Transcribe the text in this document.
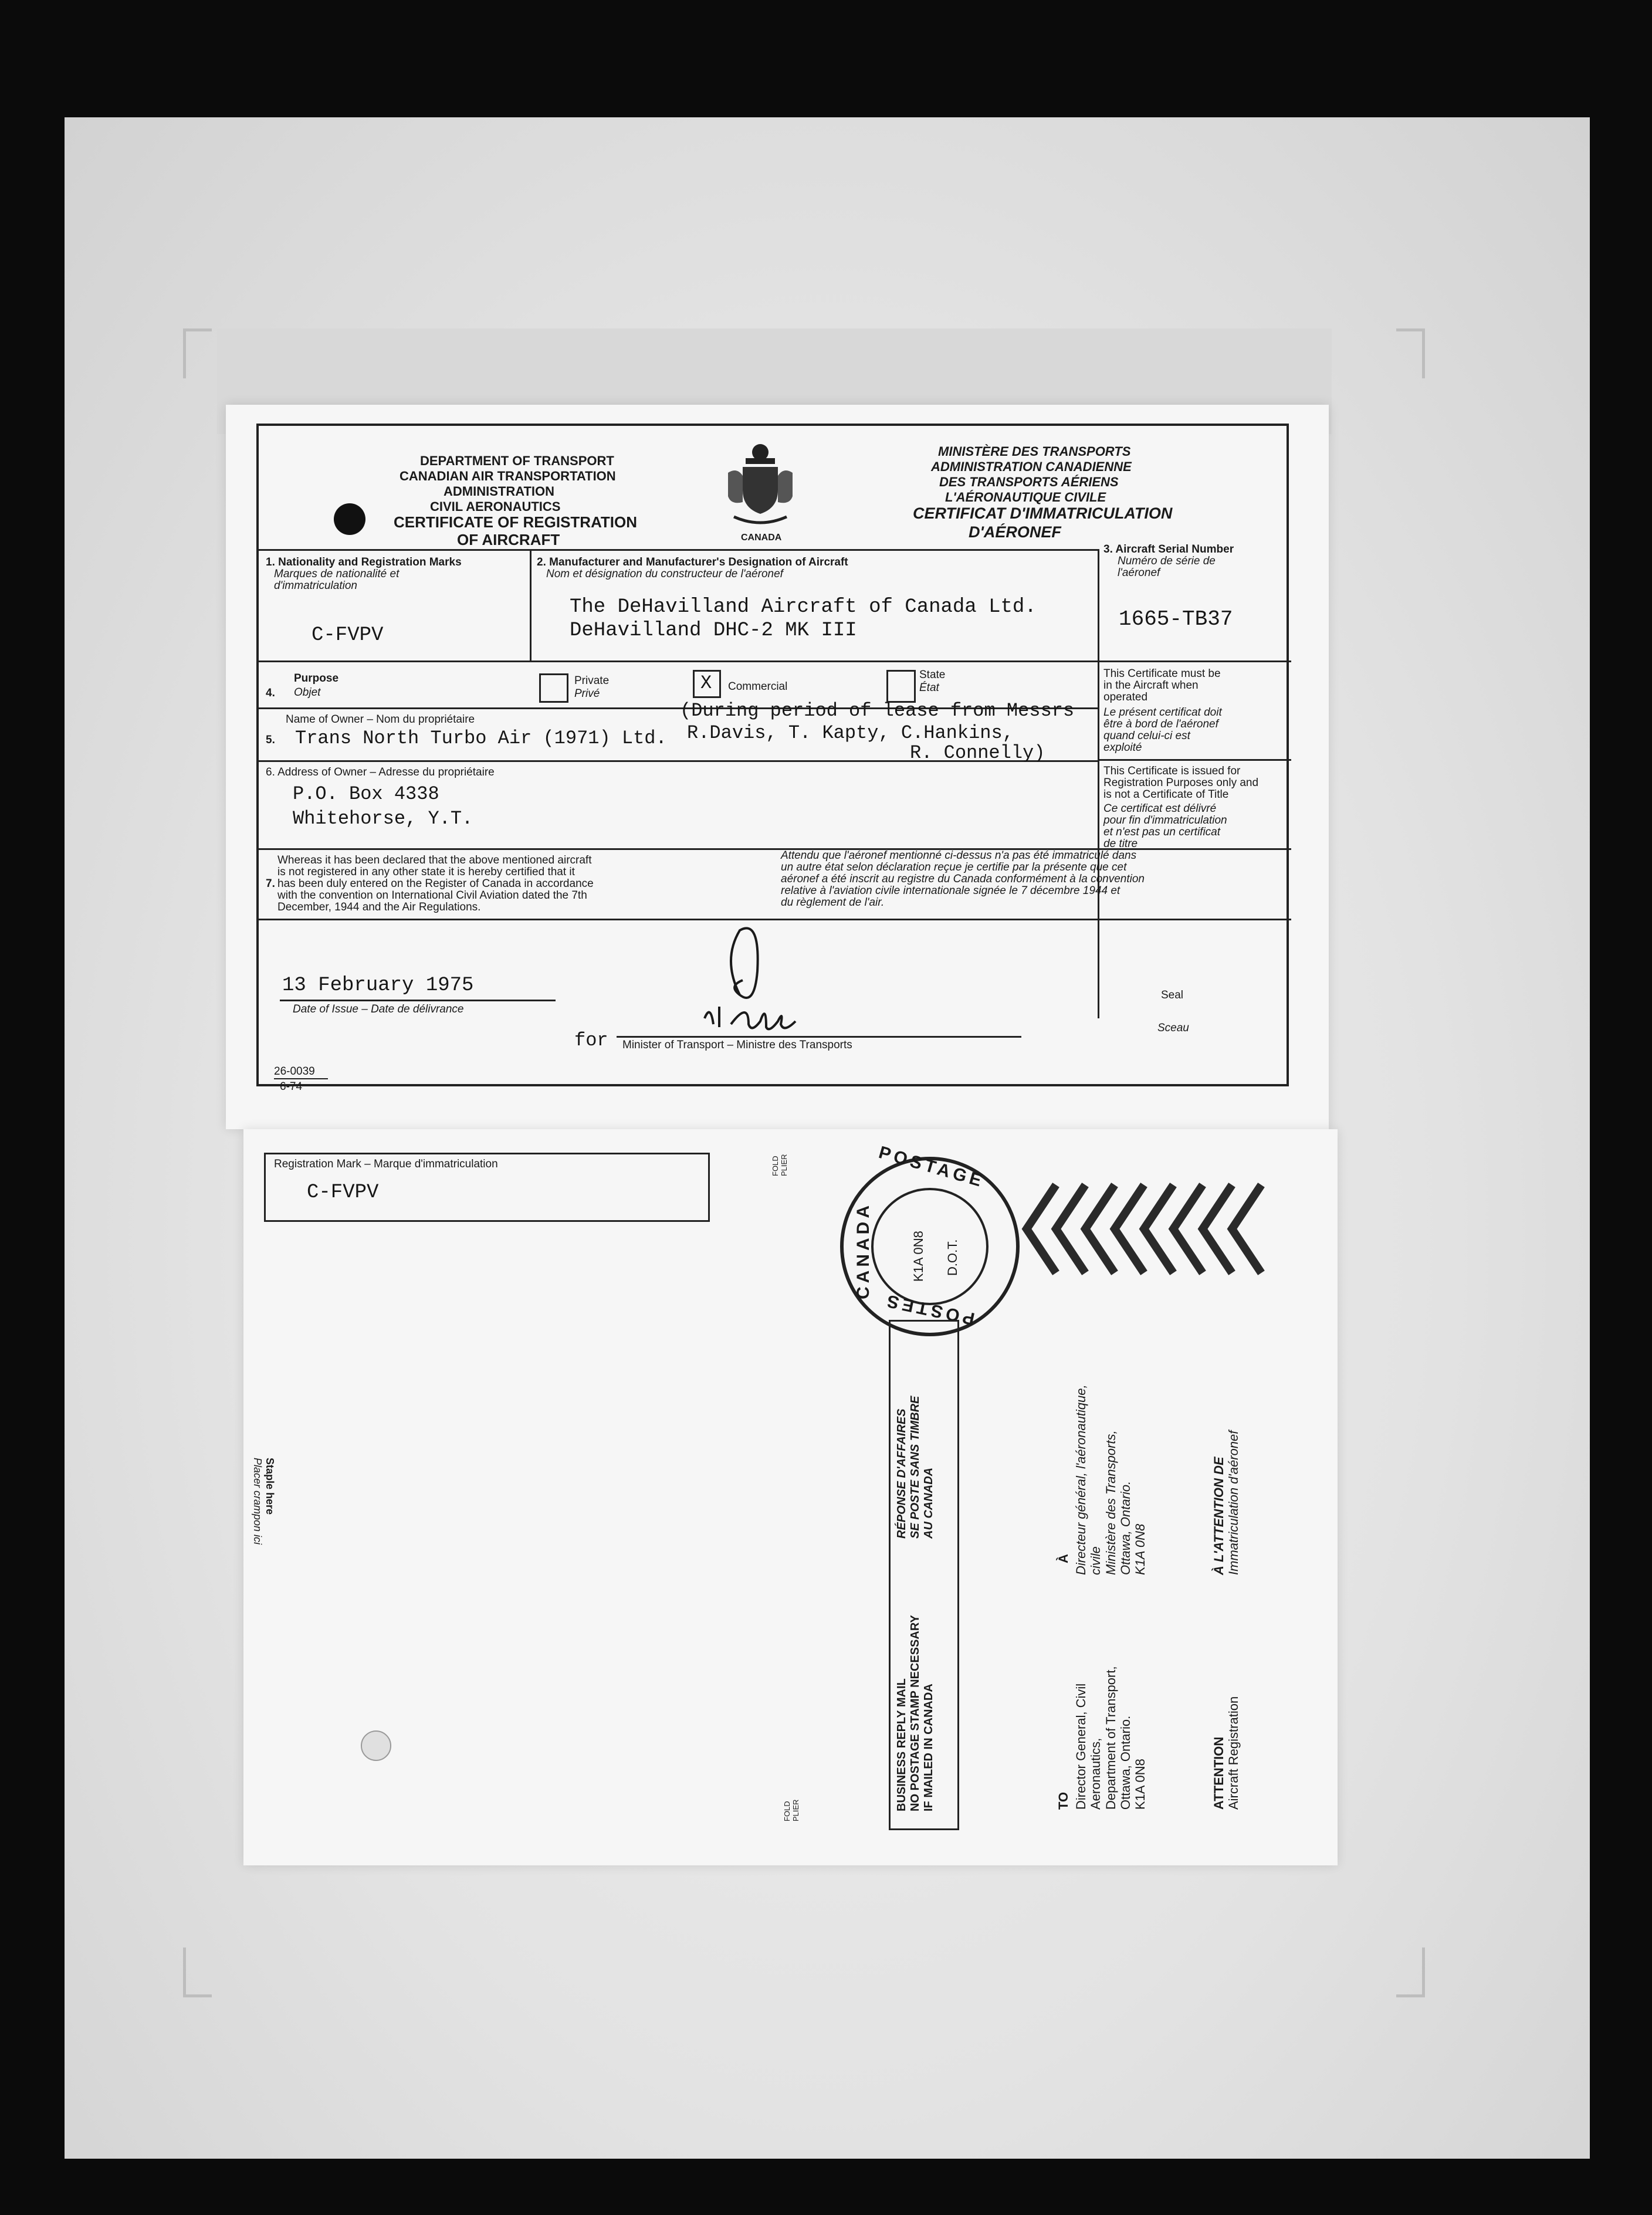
DEPARTMENT OF TRANSPORT
CANADIAN AIR TRANSPORTATION
ADMINISTRATION
CIVIL AERONAUTICS
CERTIFICATE OF REGISTRATION
OF AIRCRAFT	CANADA
MINISTÈRE DES TRANSPORTS
ADMINISTRATION CANADIENNE
DES TRANSPORTS AÉRIENS
L'AÉRONAUTIQUE CIVILE
CERTIFICAT D'IMMATRICULATION
D'AÉRONEF
1. Nationality and Registration Marks
Marques de nationalité et
d'immatriculation
C-FVPV
2. Manufacturer and Manufacturer's Designation of Aircraft
Nom et désignation du constructeur de l'aéronef
The DeHavilland Aircraft of Canada Ltd.
DeHavilland DHC-2 MK III
3. Aircraft Serial Number
Numéro de série de
l'aéronef
1665-TB37
4.
Purpose
Objet
Private
Privé	X Commercial
State
État
5.
Name of Owner – Nom du propriétaire
Trans North Turbo Air (1971) Ltd.
(During period of lease from Messrs
R.Davis, T. Kapty, C.Hankins,
R. Connelly)
This Certificate must be
in the Aircraft when
operated
Le présent certificat doit
être à bord de l'aéronef
quand celui-ci est
exploité
This Certificate is issued for
Registration Purposes only and
is not a Certificate of Title
Ce certificat est délivré
pour fin d'immatriculation
et n'est pas un certificat
de titre
6. Address of Owner – Adresse du propriétaire
P.O. Box 4338
Whitehorse, Y.T.
7.
Whereas it has been declared that the above mentioned aircraft
is not registered in any other state it is hereby certified that it
has been duly entered on the Register of Canada in accordance
with the convention on International Civil Aviation dated the 7th
December, 1944 and the Air Regulations.
Attendu que l'aéronef mentionné ci-dessus n'a pas été immatriculé dans
un autre état selon déclaration reçue je certifie par la présente que cet
aéronef a été inscrit au registre du Canada conformément à la convention
relative à l'aviation civile internationale signée le 7 décembre 1944 et
du règlement de l'air.
13 February 1975
Date of Issue – Date de délivrance
Seal
Sceau
for Minister of Transport – Ministre des Transports
26-0039
6-74
Registration Mark – Marque d'immatriculation
C-FVPV
FOLD PLIER
FOLD PLIER
POSTAGE
CANADA
POSTES
K1A 0N8 D.O.T.
Staple here
Placer crampon ici
BUSINESS REPLY MAIL NO POSTAGE STAMP NECESSARY IF MAILED IN CANADA
RÉPONSE D'AFFAIRES SE POSTE SANS TIMBRE AU CANADA
TO
À
Director General, Civil Aeronautics, Department of Transport, Ottawa, Ontario. K1A 0N8
Directeur général, l'aéronautique, civile Ministère des Transports, Ottawa, Ontario. K1A 0N8
ATTENTION Aircraft Registration
À L'ATTENTION DE Immatriculation d'aéronef
